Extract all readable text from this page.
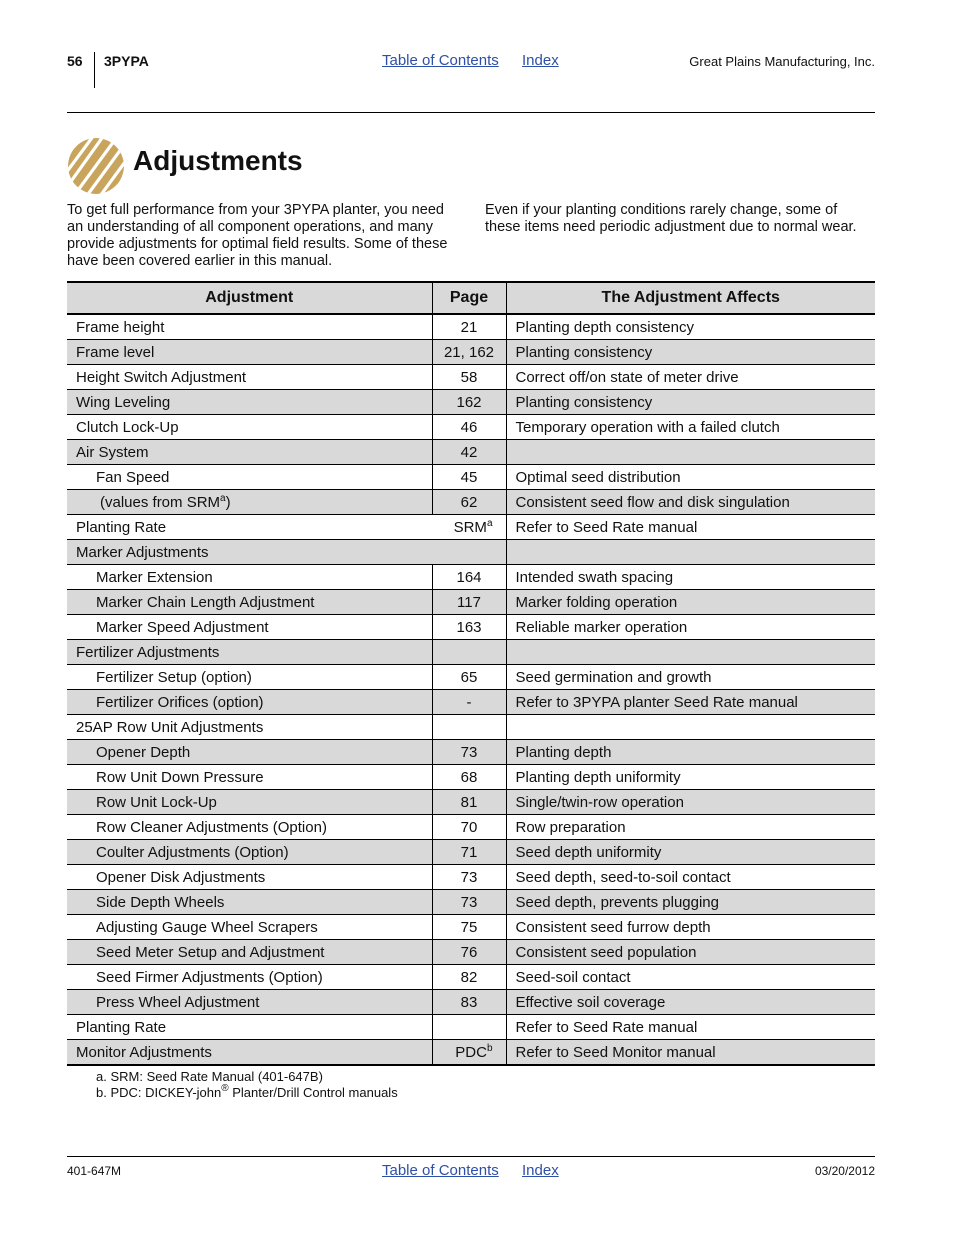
56 3PYPA	Table of Contents Index	Great Plains Manufacturing, Inc.
Adjustments

To get full performance from your 3PYPA planter, you need an understanding of all component operations, and many provide adjustments for optimal field results. Some of these have been covered earlier in this manual.

Even if your planting conditions rarely change, some of these items need periodic adjustment due to normal wear.

Adjustment	Page	The Adjustment Affects
Frame height	21	Planting depth consistency
Frame level	21, 162	Planting consistency
Height Switch Adjustment	58	Correct off/on state of meter drive
Wing Leveling	162	Planting consistency
Clutch Lock-Up	46	Temporary operation with a failed clutch
Air System	42	
Fan Speed	45	Optimal seed distribution
(values from SRM$^a$)	62	Consistent seed flow and disk singulation
Planting Rate	SRM$^a$	Refer to Seed Rate manual
Marker Adjustments		
Marker Extension	164	Intended swath spacing
Marker Chain Length Adjustment	117	Marker folding operation
Marker Speed Adjustment	163	Reliable marker operation
Fertilizer Adjustments		
Fertilizer Setup (option)	65	Seed germination and growth
Fertilizer Orifices (option)	-	Refer to 3PYPA planter Seed Rate manual
25AP Row Unit Adjustments		
Opener Depth	73	Planting depth
Row Unit Down Pressure	68	Planting depth uniformity
Row Unit Lock-Up	81	Single/twin-row operation
Row Cleaner Adjustments (Option)	70	Row preparation
Coulter Adjustments (Option)	71	Seed depth uniformity
Opener Disk Adjustments	73	Seed depth, seed-to-soil contact
Side Depth Wheels	73	Seed depth, prevents plugging
Adjusting Gauge Wheel Scrapers	75	Consistent seed furrow depth
Seed Meter Setup and Adjustment	76	Consistent seed population
Seed Firmer Adjustments (Option)	82	Seed-soil contact
Press Wheel Adjustment	83	Effective soil coverage
Planting Rate		Refer to Seed Rate manual
Monitor Adjustments	PDC$^b$	Refer to Seed Monitor manual
a. SRM: Seed Rate Manual (401-647B)
b. PDC: DICKEY-john® Planter/Drill Control manuals
401-647M	Table of Contents Index	03/20/2012
